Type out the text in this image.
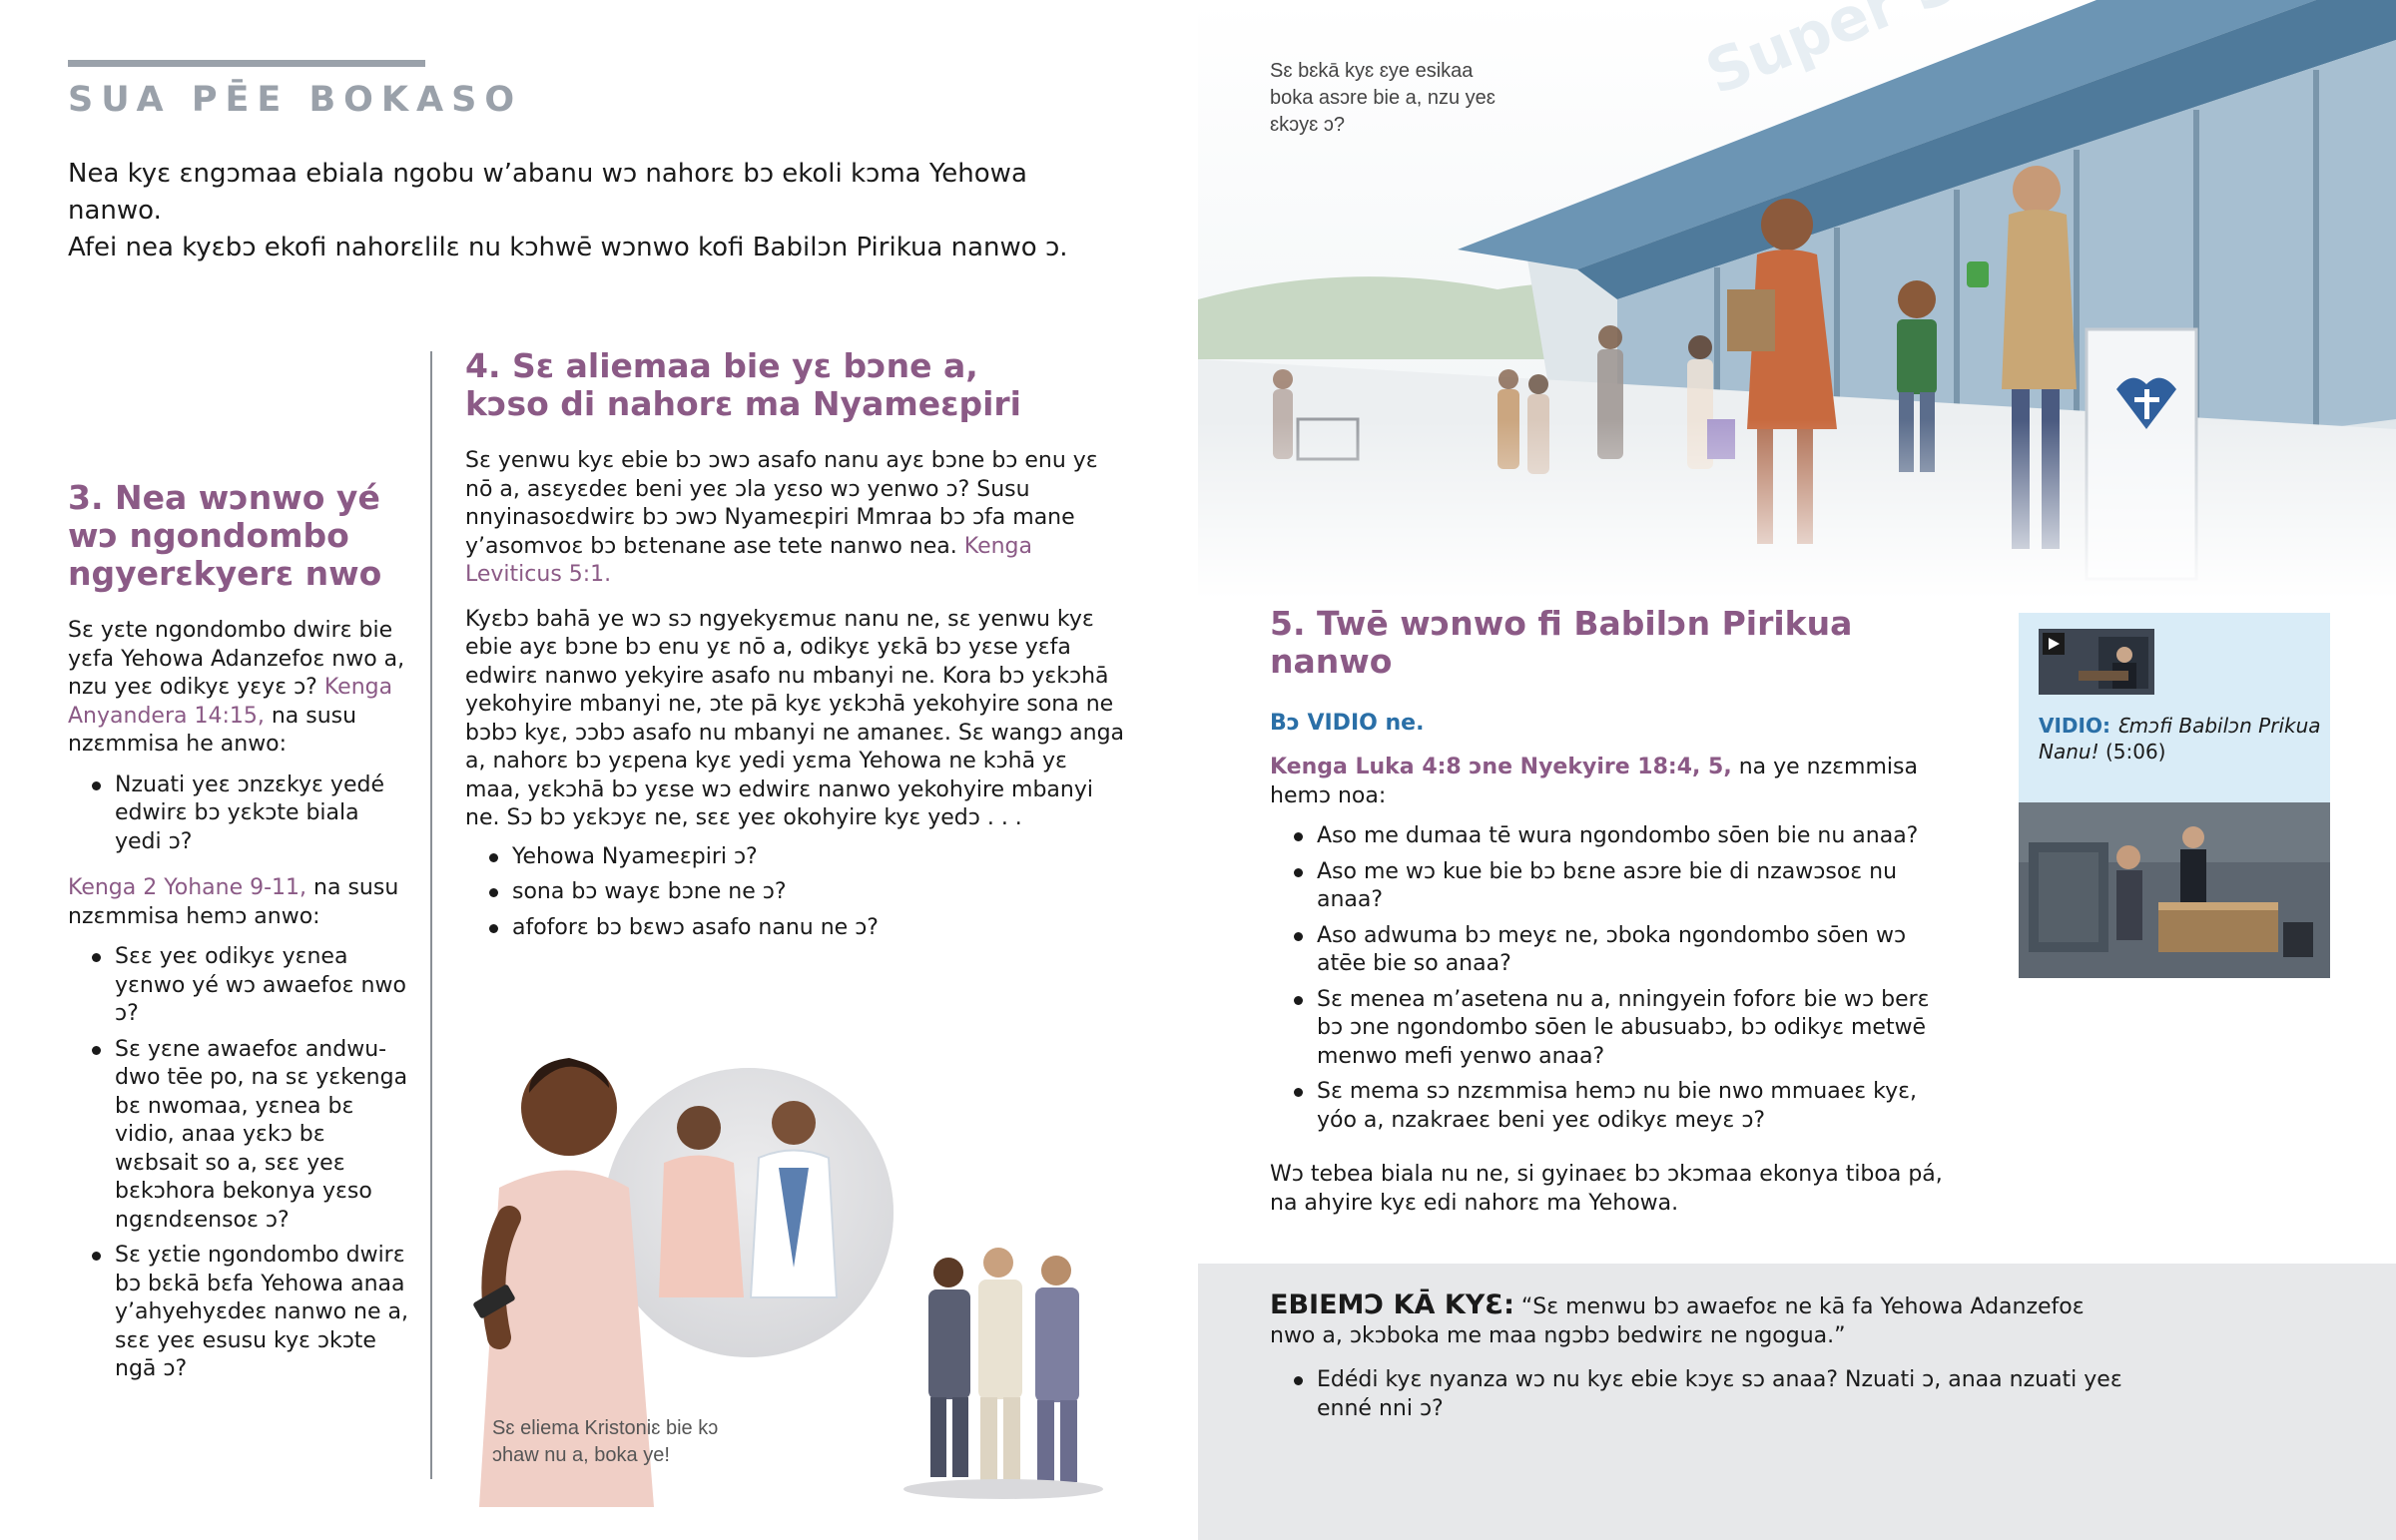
SUA PĒE BOKASO
Nea kyɛ ɛngɔmaa ebiala ngobu w’abanu wɔ nahorɛ bɔ ekoli kɔma Yehowa nanwo.
Afei nea kyɛbɔ ekofi nahorɛlilɛ nu kɔhwē wɔnwo kofi Babilɔn Pirikua nanwo ɔ.
3. Nea wɔnwo yé wɔ ngondombo ngyerɛkyerɛ nwo

Sɛ yɛte ngondombo dwirɛ bie yɛfa Yehowa Adanzefoɛ nwo a, nzu yeɛ odikyɛ yɛyɛ ɔ? Kenga Anyandera 14:15, na susu nzɛmmisa he anwo:

Nzuati yeɛ ɔnzɛkyɛ yedé edwirɛ bɔ yɛkɔte biala yedi ɔ?

Kenga 2 Yohane 9-11, na susu nzɛmmisa hemɔ anwo:

Sɛɛ yeɛ odikyɛ yɛnea yɛnwo yé wɔ awaefoɛ nwo ɔ?
Sɛ yɛne awaefoɛ andwu-dwo tēe po, na sɛ yɛkenga bɛ nwomaa, yɛnea bɛ vidio, anaa yɛkɔ bɛ wɛbsait so a, sɛɛ yeɛ bɛkɔhora bekonya yɛso ngɛndɛensoɛ ɔ?
Sɛ yɛtie ngondombo dwirɛ bɔ bɛkā bɛfa Yehowa anaa y’ahyehyɛdeɛ nanwo ne a, sɛɛ yeɛ esusu kyɛ ɔkɔte ngā ɔ?
4. Sɛ aliemaa bie yɛ bɔne a,
kɔso di nahorɛ ma Nyameɛpiri

Sɛ yenwu kyɛ ebie bɔ ɔwɔ asafo nanu ayɛ bɔne bɔ enu yɛ nō a, asɛyɛdeɛ beni yeɛ ɔla yɛso wɔ yenwo ɔ? Susu nnyinasoɛdwirɛ bɔ ɔwɔ Nyameɛpiri Mmraa bɔ ɔfa mane y’asomvoɛ bɔ bɛtenane ase tete nanwo nea. Kenga Leviticus 5:1.

Kyɛbɔ bahā ye wɔ sɔ ngyekyɛmuɛ nanu ne, sɛ yenwu kyɛ ebie ayɛ bɔne bɔ enu yɛ nō a, odikyɛ yɛkā bɔ yɛse yɛfa edwirɛ nanwo yekyire asafo nu mbanyi ne. Kora bɔ yɛkɔhā yekohyire mbanyi ne, ɔte pā kyɛ yɛkɔhā yekohyire sona ne bɔbɔ kyɛ, ɔɔbɔ asafo nu mbanyi ne amaneɛ. Sɛ wangɔ anga a, nahorɛ bɔ yɛpena kyɛ yedi yɛma Yehowa ne kɔhā yɛ maa, yɛkɔhā bɔ yɛse wɔ edwirɛ nanwo yekohyire mbanyi ne. Sɔ bɔ yɛkɔyɛ ne, sɛɛ yeɛ okohyire kyɛ yedɔ . . .

Yehowa Nyameɛpiri ɔ?
sona bɔ wayɛ bɔne ne ɔ?
afoforɛ bɔ bɛwɔ asafo nanu ne ɔ?
Sɛ eliema Kristoniɛ bie kɔ ɔhaw nu a, boka ye!
Sɛ bɛkā kyɛ ɛye esikaa boka asɔre bie a, nzu yeɛ ɛkɔyɛ ɔ?
5. Twē wɔnwo fi Babilɔn Pirikua nanwo
Bɔ VIDIO ne.

Kenga Luka 4:8 ɔne Nyekyire 18:4, 5, na ye nzɛmmisa hemɔ noa:

Aso me dumaa tē wura ngondombo sōen bie nu anaa?
Aso me wɔ kue bie bɔ bɛne asɔre bie di nzawɔsoɛ nu anaa?
Aso adwuma bɔ meyɛ ne, ɔboka ngondombo sōen wɔ atēe bie so anaa?
Sɛ menea m’asetena nu a, nningyein foforɛ bie wɔ berɛ bɔ ɔne ngondombo sōen le abusuabɔ, bɔ odikyɛ metwē menwo mefi yenwo anaa?
Sɛ mema sɔ nzɛmmisa hemɔ nu bie nwo mmuaeɛ kyɛ, yóo a, nzakraeɛ beni yeɛ odikyɛ meyɛ ɔ?

Wɔ tebea biala nu ne, si gyinaeɛ bɔ ɔkɔmaa ekonya tiboa pá, na ahyire kyɛ edi nahorɛ ma Yehowa.

VIDIO: Ɛmɔfi Babilɔn Prikua Nanu! (5:06)

EBIEMƆ KĀ KYƐ: “Sɛ menwu bɔ awaefoɛ ne kā fa Yehowa Adanzefoɛ nwo a, ɔkɔboka me maa ngɔbɔ bedwirɛ ne ngogua.”

Edédi kyɛ nyanza wɔ nu kyɛ ebie kɔyɛ sɔ anaa? Nzuati ɔ, anaa nzuati yeɛ enné nni ɔ?
